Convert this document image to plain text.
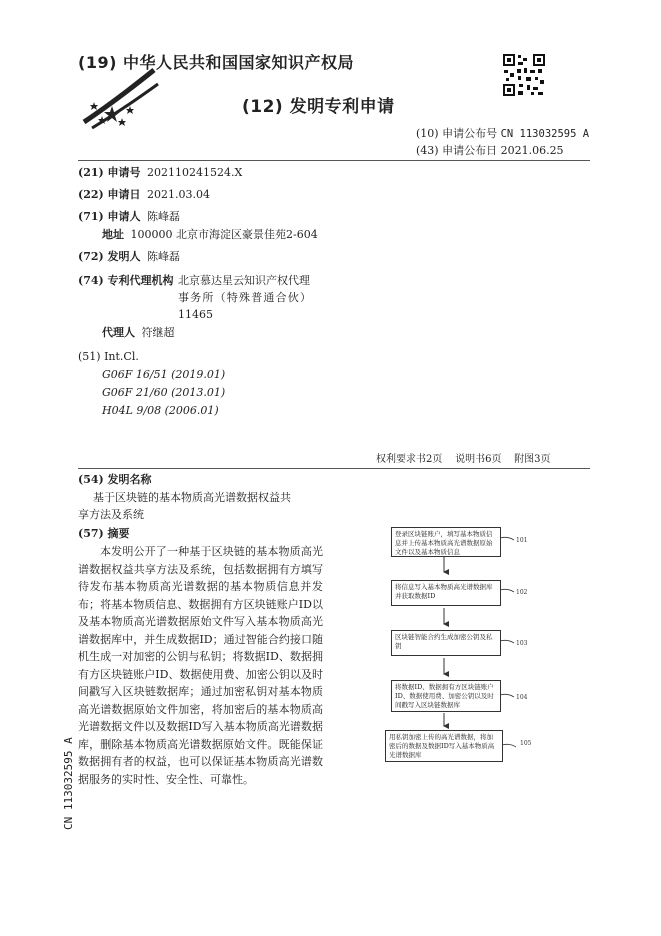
(19) 中华人民共和国国家知识产权局
(12) 发明专利申请
(10) 申请公布号 CN 113032595 A
(43) 申请公布日 2021.06.25
(21) 申请号 202110241524.X
(22) 申请日 2021.03.04
(71) 申请人 陈峰磊
地址 100000 北京市海淀区豪景佳苑2-604
(72) 发明人 陈峰磊
(74) 专利代理机构 北京慕达星云知识产权代理
事务所（特殊普通合伙）
11465
代理人 符继超
(51) Int.Cl.
G06F 16/51 (2019.01)
G06F 21/60 (2013.01)
H04L 9/08 (2006.01)
权利要求书2页    说明书6页    附图3页
(54) 发明名称
基于区块链的基本物质高光谱数据权益共
享方法及系统
(57) 摘要
本发明公开了一种基于区块链的基本物质高光谱数据权益共享方法及系统，包括数据拥有方填写待发布基本物质高光谱数据的基本物质信息并发布；将基本物质信息、数据拥有方区块链账户ID以及基本物质高光谱数据原始文件写入基本物质高光谱数据库中，并生成数据ID；通过智能合约接口随机生成一对加密的公钥与私钥；将数据ID、数据拥有方区块链账户ID、数据使用费、加密公钥以及时间戳写入区块链数据库；通过加密私钥对基本物质高光谱数据原始文件加密，将加密后的基本物质高光谱数据文件以及数据ID写入基本物质高光谱数据库，删除基本物质高光谱数据原始文件。既能保证数据拥有者的权益，也可以保证基本物质高光谱数据服务的实时性、安全性、可靠性。
登录区块链账户，填写基本物质信息并上传基本物质高光谱数据原始文件以及基本物质信息
101
将信息写入基本物质高光谱数据库并获取数据ID	102
区块链智能合约生成加密公钥及私钥	103
将数据ID、数据拥有方区块链账户ID、数据使用费、加密公钥以及时间戳写入区块链数据库
104
用私钥加密上传的高光谱数据，将加密后的数据及数据ID写入基本物质高光谱数据库
105
CN 113032595 A
